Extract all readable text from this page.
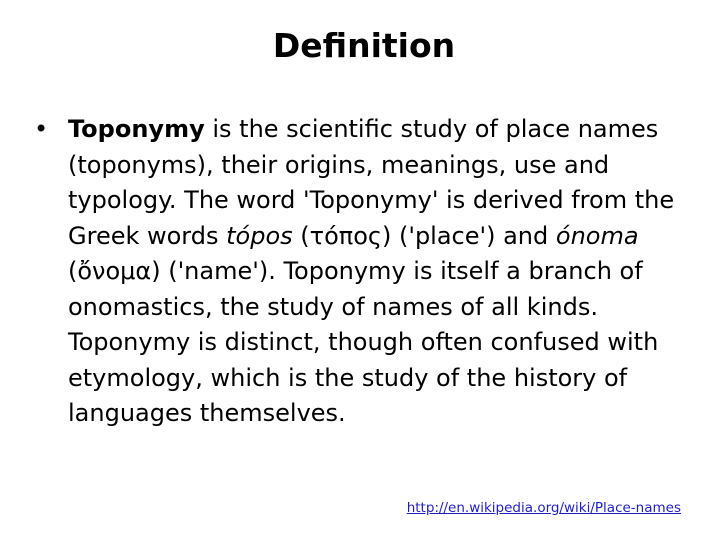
Definition
• Toponymy is the scientific study of place names (toponyms), their origins, meanings, use and typology. The word 'Toponymy' is derived from the Greek words tópos (τόπος) ('place') and ónoma (ὄνομα) ('name'). Toponymy is itself a branch of onomastics, the study of names of all kinds. Toponymy is distinct, though often confused with etymology, which is the study of the history of languages themselves.
http://en.wikipedia.org/wiki/Place-names
